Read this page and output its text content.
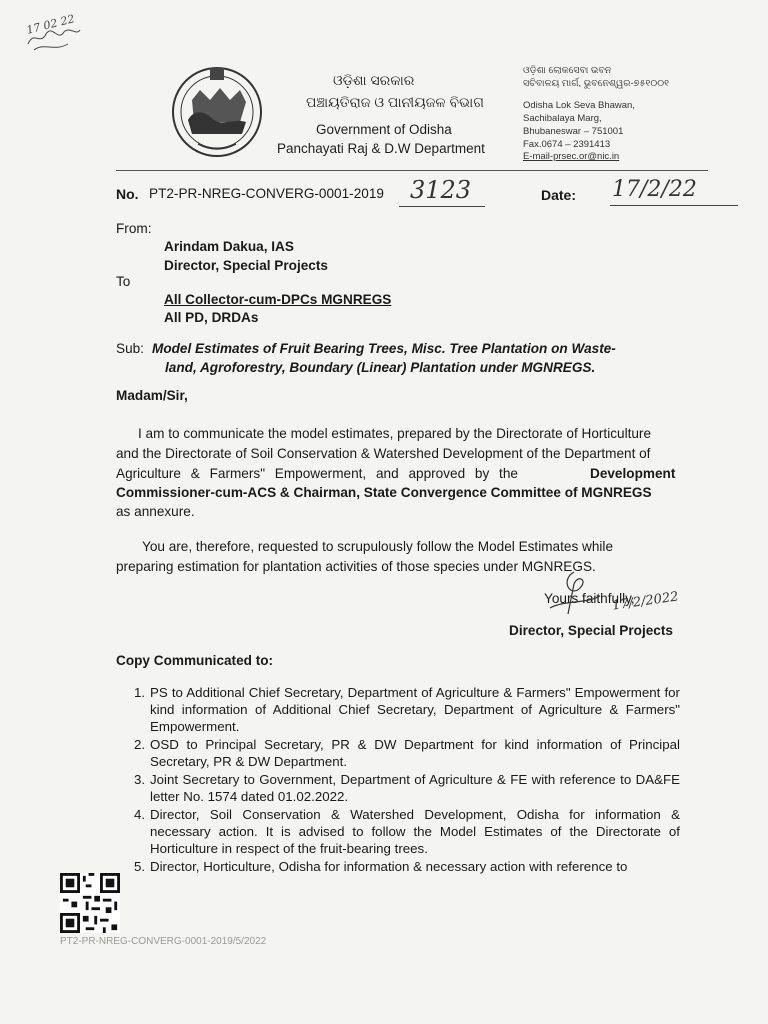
17 02 22
ଓଡ଼ିଶା ସରକାର
ପଞ୍ଚାୟତିରାଜ ଓ ପାନୀୟଜଳ ବିଭାଗ
Government of Odisha
Panchayati Raj & D.W Department
ଓଡ଼ିଶା ଲୋକସେବା ଭବନ
ସଚିବାଳୟ ମାର୍ଗ, ଭୁବନେଶ୍ୱର-୭୫୧୦୦୧
Odisha Lok Seva Bhawan,
Sachibalaya Marg,
Bhubaneswar – 751001
Fax.0674 – 2391413
E-mail-prsec.or@nic.in
No. PT2-PR-NREG-CONVERG-0001-2019 3123	Date: 17/2/22
From:
Arindam Dakua, IAS
Director, Special Projects
To
All Collector-cum-DPCs MGNREGS
All PD, DRDAs
Sub: Model Estimates of Fruit Bearing Trees, Misc. Tree Plantation on Waste-
land, Agroforestry, Boundary (Linear) Plantation under MGNREGS.
Madam/Sir,
I am to communicate the model estimates, prepared by the Directorate of Horticulture
and the Directorate of Soil Conservation & Watershed Development of the Department of
Agriculture & Farmers" Empowerment, and approved by the	Development
Commissioner-cum-ACS & Chairman, State Convergence Committee of MGNREGS
as annexure.
You are, therefore, requested to scrupulously follow the Model Estimates while
preparing estimation for plantation activities of those species under MGNREGS.
Yours faithfully,
17/2/2022
Director, Special Projects
Copy Communicated to:
1. PS to Additional Chief Secretary, Department of Agriculture & Farmers" Empowerment for kind information of Additional Chief Secretary, Department of Agriculture & Farmers" Empowerment.
2. OSD to Principal Secretary, PR & DW Department for kind information of Principal Secretary, PR & DW Department.
3. Joint Secretary to Government, Department of Agriculture & FE with reference to DA&FE letter No. 1574 dated 01.02.2022.
4. Director, Soil Conservation & Watershed Development, Odisha for information & necessary action. It is advised to follow the Model Estimates of the Directorate of Horticulture in respect of the fruit-bearing trees.
5. Director, Horticulture, Odisha for information & necessary action with reference to
PT2-PR-NREG-CONVERG-0001-2019/5/2022
